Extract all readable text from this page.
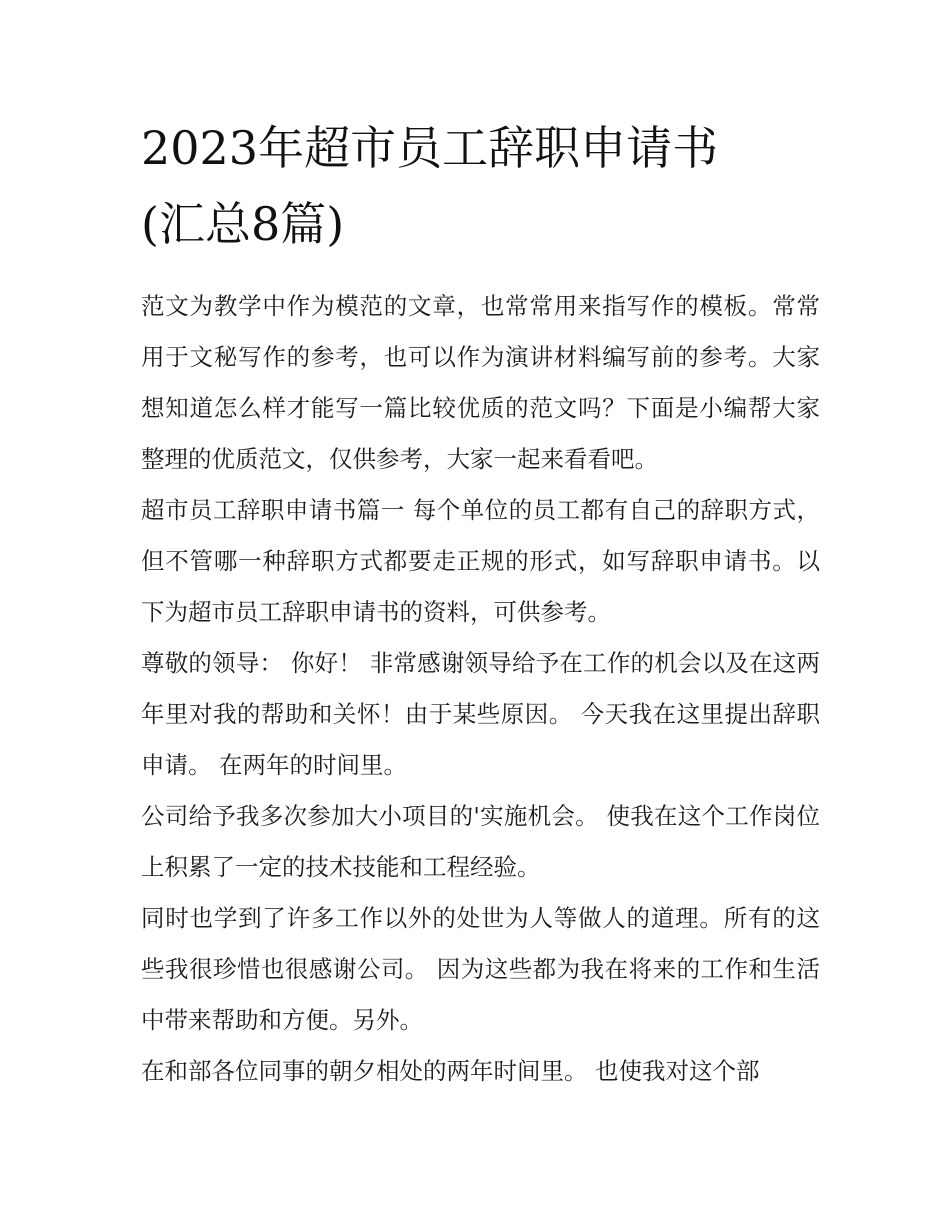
2023年超市员工辞职申请书
(汇总8篇)

范文为教学中作为模范的文章，也常常用来指写作的模板。常常用于文秘写作的参考，也可以作为演讲材料编写前的参考。大家想知道怎么样才能写一篇比较优质的范文吗？下面是小编帮大家整理的优质范文，仅供参考，大家一起来看看吧。

超市员工辞职申请书篇一 每个单位的员工都有自己的辞职方式，但不管哪一种辞职方式都要走正规的形式，如写辞职申请书。以下为超市员工辞职申请书的资料，可供参考。

尊敬的领导： 你好！ 非常感谢领导给予在工作的机会以及在这两年里对我的帮助和关怀！由于某些原因。 今天我在这里提出辞职申请。 在两年的时间里。

公司给予我多次参加大小项目的'实施机会。 使我在这个工作岗位上积累了一定的技术技能和工程经验。

同时也学到了许多工作以外的处世为人等做人的道理。所有的这些我很珍惜也很感谢公司。 因为这些都为我在将来的工作和生活中带来帮助和方便。另外。

在和部各位同事的朝夕相处的两年时间里。 也使我对这个部
